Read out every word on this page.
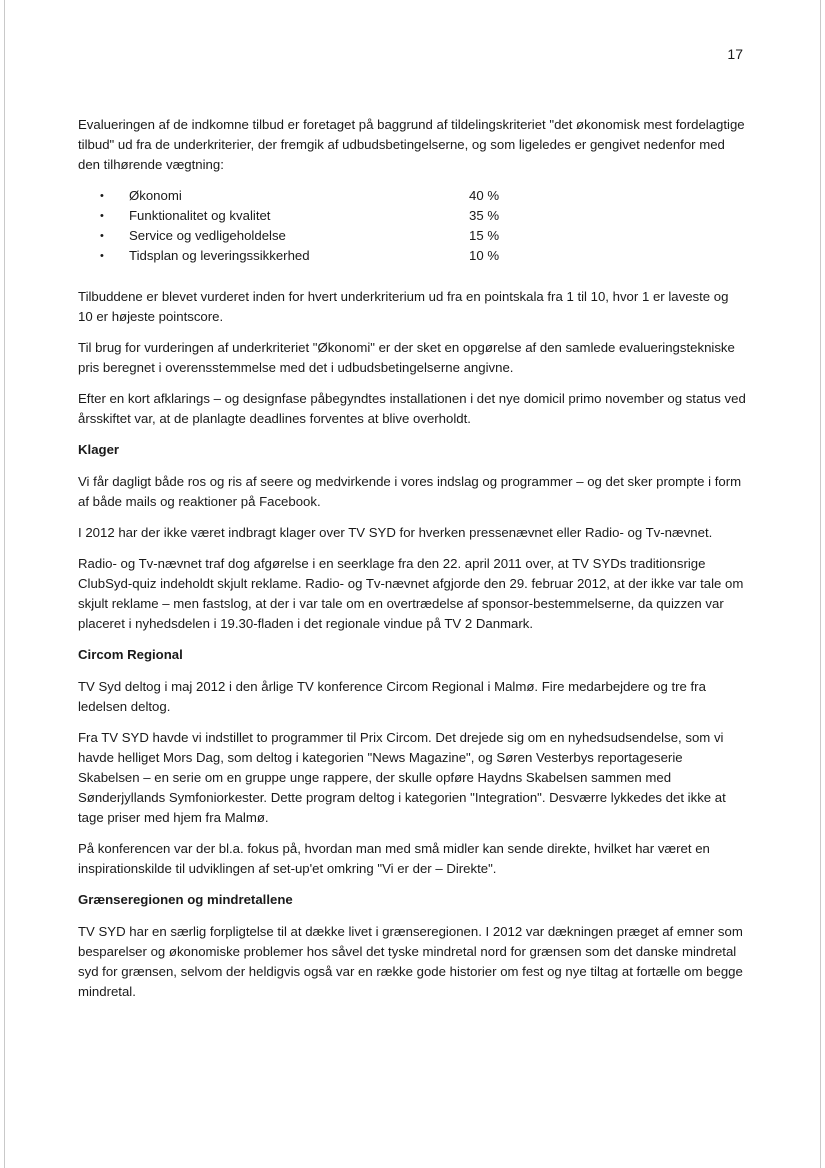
17

Evalueringen af de indkomne tilbud er foretaget på baggrund af tildelingskriteriet "det økonomisk mest fordelagtige tilbud" ud fra de underkriterier, der fremgik af udbudsbetingelserne, og som ligeledes er gengivet nedenfor med den tilhørende vægtning:

•	Økonomi	40 %
•	Funktionalitet og kvalitet	35 %
•	Service og vedligeholdelse	15 %
•	Tidsplan og leveringssikkerhed	10 %

Tilbuddene er blevet vurderet inden for hvert underkriterium ud fra en pointskala fra 1 til 10, hvor 1 er laveste og 10 er højeste pointscore.

Til brug for vurderingen af underkriteriet "Økonomi" er der sket en opgørelse af den samlede evalueringstekniske pris beregnet i overensstemmelse med det i udbudsbetingelserne angivne.

Efter en kort afklarings – og designfase påbegyndtes installationen i det nye domicil primo november og status ved årsskiftet var, at de planlagte deadlines forventes at blive overholdt.

Klager

Vi får dagligt både ros og ris af seere og medvirkende i vores indslag og programmer – og det sker prompte i form af både mails og reaktioner på Facebook.

I 2012 har der ikke været indbragt klager over TV SYD for hverken pressenævnet eller Radio- og Tv-nævnet.

Radio- og Tv-nævnet traf dog afgørelse i en seerklage fra den 22. april 2011 over, at TV SYDs traditionsrige ClubSyd-quiz indeholdt skjult reklame. Radio- og Tv-nævnet afgjorde den 29. februar 2012, at der ikke var tale om skjult reklame – men fastslog, at der i var tale om en overtrædelse af sponsor-bestemmelserne, da quizzen var placeret i nyhedsdelen i 19.30-fladen i det regionale vindue på TV 2 Danmark.

Circom Regional

TV Syd deltog i maj 2012 i den årlige TV konference Circom Regional i Malmø. Fire medarbejdere og tre fra ledelsen deltog.

Fra TV SYD havde vi indstillet to programmer til Prix Circom. Det drejede sig om en nyhedsudsendelse, som vi havde helliget Mors Dag, som deltog i kategorien "News Magazine", og Søren Vesterbys reportageserie Skabelsen – en serie om en gruppe unge rappere, der skulle opføre Haydns Skabelsen sammen med Sønderjyllands Symfoniorkester. Dette program deltog i kategorien "Integration". Desværre lykkedes det ikke at tage priser med hjem fra Malmø.

På konferencen var der bl.a. fokus på, hvordan man med små midler kan sende direkte, hvilket har været en inspirationskilde til udviklingen af set-up'et omkring "Vi er der – Direkte".

Grænseregionen og mindretallene

TV SYD har en særlig forpligtelse til at dække livet i grænseregionen. I 2012 var dækningen præget af emner som besparelser og økonomiske problemer hos såvel det tyske mindretal nord for grænsen som det danske mindretal syd for grænsen, selvom der heldigvis også var en række gode historier om fest og nye tiltag at fortælle om begge mindretal.
